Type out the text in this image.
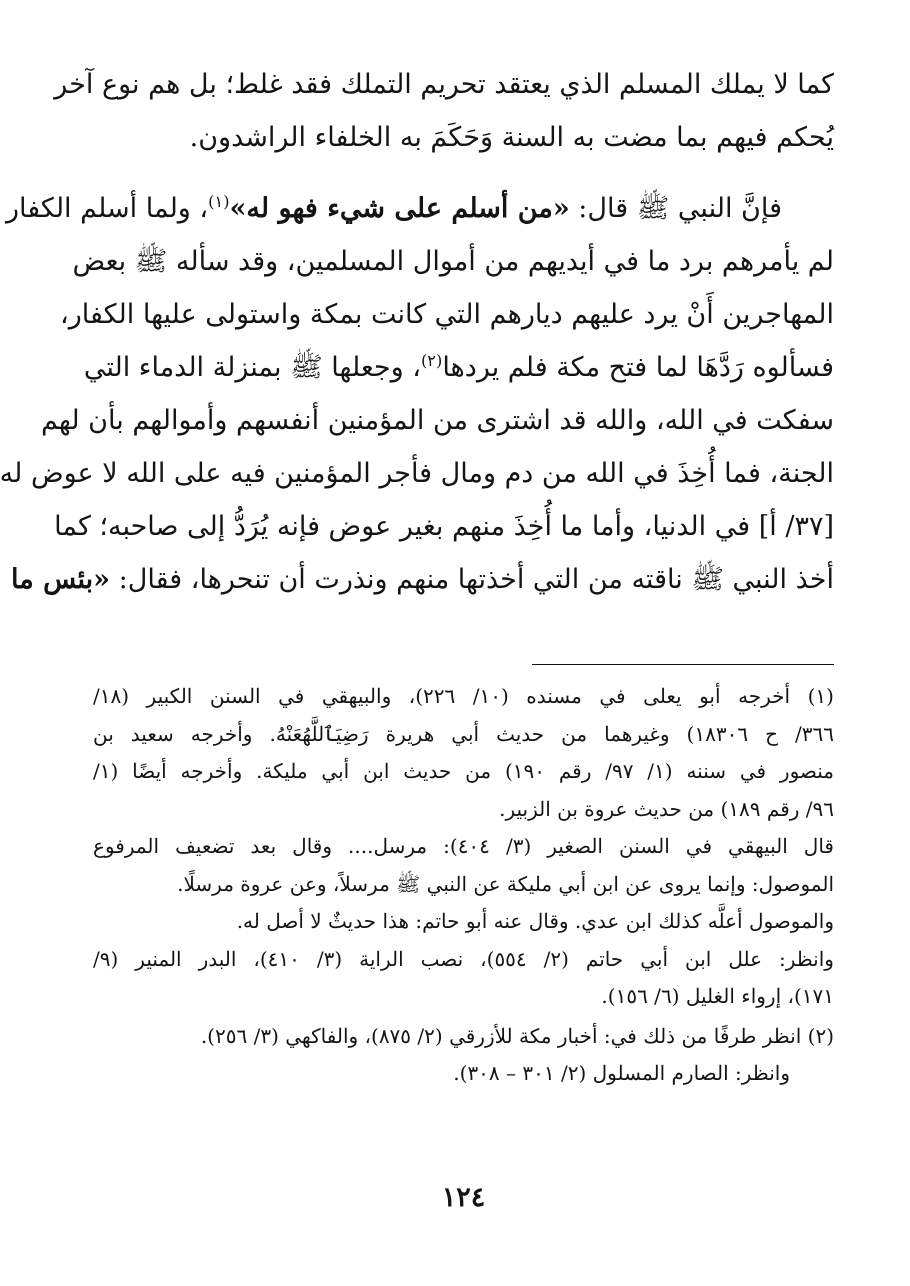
كما لا يملك المسلم الذي يعتقد تحريم التملك فقد غلط؛ بل هم نوع آخر
يُحكم فيهم بما مضت به السنة وَحَكَمَ به الخلفاء الراشدون.

فإنَّ النبي ﷺ قال: «من أسلم على شيء فهو له»$^{(١)}$، ولما أسلم الكفار
لم يأمرهم برد ما في أيديهم من أموال المسلمين، وقد سأله ﷺ بعض
المهاجرين أَنْ يرد عليهم ديارهم التي كانت بمكة واستولى عليها الكفار،
فسألوه رَدَّهَا لما فتح مكة فلم يردها$^{(٢)}$، وجعلها ﷺ بمنزلة الدماء التي
سفكت في الله، والله قد اشترى من المؤمنين أنفسهم وأموالهم بأن لهم
الجنة، فما أُخِذَ في الله من دم ومال فأجر المؤمنين فيه على الله لا عوض له
[٣٧/ أ] في الدنيا، وأما ما أُخِذَ منهم بغير عوض فإنه يُرَدُّ إلى صاحبه؛ كما
أخذ النبي ﷺ ناقته من التي أخذتها منهم ونذرت أن تنحرها، فقال: «بئس ما

(١) أخرجه أبو يعلى في مسنده (١٠/ ٢٢٦)، والبيهقي في السنن الكبير (١٨/
٣٦٦/ ح ١٨٣٠٦) وغيرهما من حديث أبي هريرة رَضِيَٱللَّهُعَنْهُ. وأخرجه سعيد بن
منصور في سننه (١/ ٩٧/ رقم ١٩٠) من حديث ابن أبي مليكة. وأخرجه أيضًا (١/
٩٦/ رقم ١٨٩) من حديث عروة بن الزبير.
قال البيهقي في السنن الصغير (٣/ ٤٠٤): مرسل.... وقال بعد تضعيف المرفوع
الموصول: وإنما يروى عن ابن أبي مليكة عن النبي ﷺ مرسلاً، وعن عروة مرسلًا.
والموصول أعلَّه كذلك ابن عدي. وقال عنه أبو حاتم: هذا حديثٌ لا أصل له.
وانظر: علل ابن أبي حاتم (٢/ ٥٥٤)، نصب الراية (٣/ ٤١٠)، البدر المنير (٩/
١٧١)، إرواء الغليل (٦/ ١٥٦).
(٢) انظر طرفًا من ذلك في: أخبار مكة للأزرقي (٢/ ٨٧٥)، والفاكهي (٣/ ٢٥٦).
وانظر: الصارم المسلول (٢/ ٣٠١ – ٣٠٨).
١٢٤
